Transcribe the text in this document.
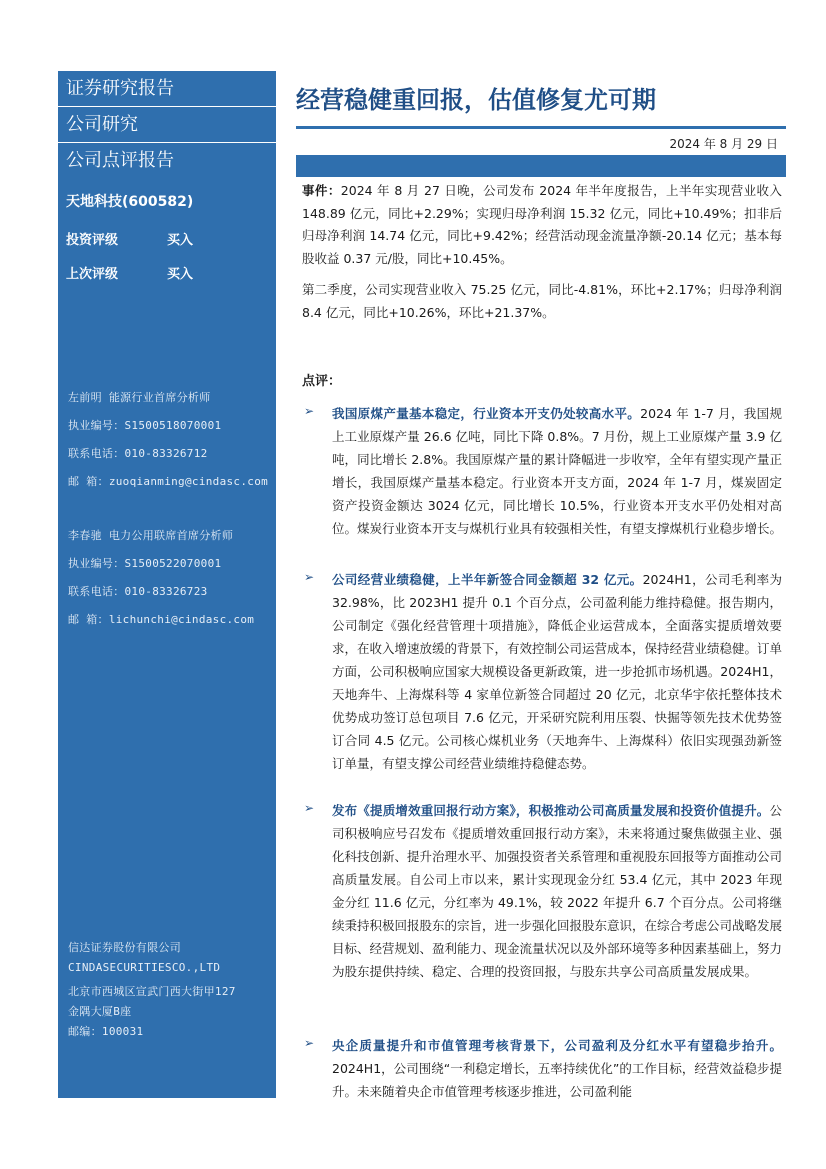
证券研究报告
公司研究
公司点评报告
天地科技(600582)
投资评级	买入
上次评级	买入
左前明 能源行业首席分析师
执业编号：S1500518070001
联系电话：010-83326712
邮 箱：zuoqianming@cindasc.com
李春驰 电力公用联席首席分析师
执业编号：S1500522070001
联系电话：010-83326723
邮 箱：lichunchi@cindasc.com
信达证券股份有限公司
CINDASECURITIESCO.,LTD
北京市西城区宣武门西大街甲127
金隅大厦B座
邮编：100031
经营稳健重回报，估值修复尤可期
2024 年 8 月 29 日
事件：2024 年 8 月 27 日晚，公司发布 2024 年半年度报告，上半年实现营业收入 148.89 亿元，同比+2.29%；实现归母净利润 15.32 亿元，同比+10.49%；扣非后归母净利润 14.74 亿元，同比+9.42%；经营活动现金流量净额-20.14 亿元；基本每股收益 0.37 元/股，同比+10.45%。
第二季度，公司实现营业收入 75.25 亿元，同比-4.81%，环比+2.17%；归母净利润 8.4 亿元，同比+10.26%，环比+21.37%。
点评：
➢ 我国原煤产量基本稳定，行业资本开支仍处较高水平。2024 年 1-7 月，我国规上工业原煤产量 26.6 亿吨，同比下降 0.8%。7 月份，规上工业原煤产量 3.9 亿吨，同比增长 2.8%。我国原煤产量的累计降幅进一步收窄，全年有望实现产量正增长，我国原煤产量基本稳定。行业资本开支方面，2024 年 1-7 月，煤炭固定资产投资金额达 3024 亿元，同比增长 10.5%，行业资本开支水平仍处相对高位。煤炭行业资本开支与煤机行业具有较强相关性，有望支撑煤机行业稳步增长。
➢ 公司经营业绩稳健，上半年新签合同金额超 32 亿元。2024H1，公司毛利率为 32.98%，比 2023H1 提升 0.1 个百分点，公司盈利能力维持稳健。报告期内，公司制定《强化经营管理十项措施》，降低企业运营成本，全面落实提质增效要求，在收入增速放缓的背景下，有效控制公司运营成本，保持经营业绩稳健。订单方面，公司积极响应国家大规模设备更新政策，进一步抢抓市场机遇。2024H1，天地奔牛、上海煤科等 4 家单位新签合同超过 20 亿元，北京华宇依托整体技术优势成功签订总包项目 7.6 亿元，开采研究院利用压裂、快掘等领先技术优势签订合同 4.5 亿元。公司核心煤机业务（天地奔牛、上海煤科）依旧实现强劲新签订单量，有望支撑公司经营业绩维持稳健态势。
➢ 发布《提质增效重回报行动方案》，积极推动公司高质量发展和投资价值提升。公司积极响应号召发布《提质增效重回报行动方案》，未来将通过聚焦做强主业、强化科技创新、提升治理水平、加强投资者关系管理和重视股东回报等方面推动公司高质量发展。自公司上市以来，累计实现现金分红 53.4 亿元，其中 2023 年现金分红 11.6 亿元，分红率为 49.1%，较 2022 年提升 6.7 个百分点。公司将继续秉持积极回报股东的宗旨，进一步强化回报股东意识，在综合考虑公司战略发展目标、经营规划、盈利能力、现金流量状况以及外部环境等多种因素基础上，努力为股东提供持续、稳定、合理的投资回报，与股东共享公司高质量发展成果。
➢ 央企质量提升和市值管理考核背景下，公司盈利及分红水平有望稳步抬升。2024H1，公司围绕“一利稳定增长，五率持续优化”的工作目标，经营效益稳步提升。未来随着央企市值管理考核逐步推进，公司盈利能
